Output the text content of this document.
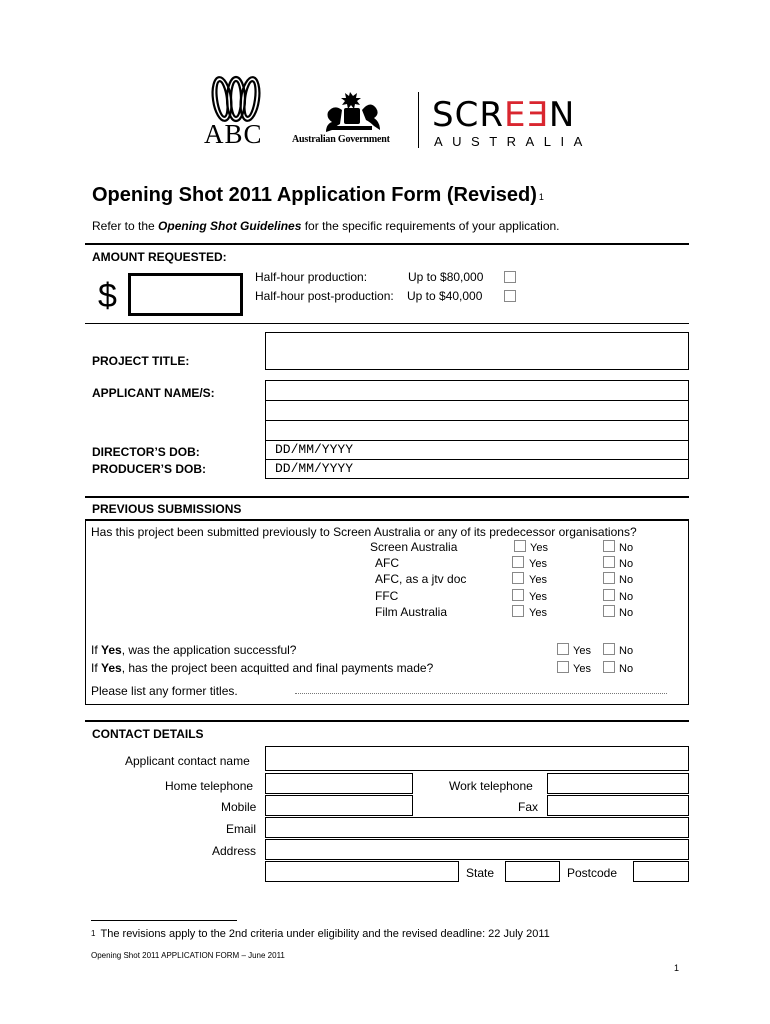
ABC	Australian Government
SCREEN
AUSTRALIA
Opening Shot 2011 Application Form (Revised) $^1$
Refer to the Opening Shot Guidelines for the specific requirements of your application.
AMOUNT REQUESTED:
$	Half-hour production:	Up to $80,000
Half-hour post-production: Up to $40,000
PROJECT TITLE:
APPLICANT NAME/S:
DIRECTOR’S DOB:	DD/MM/YYYY
PRODUCER’S DOB:	DD/MM/YYYY
PREVIOUS SUBMISSIONS
Has this project been submitted previously to Screen Australia or any of its predecessor organisations?
Screen Australia	Yes	No
AFC	Yes	No
AFC, as a jtv doc	Yes	No
FFC	Yes	No
Film Australia	Yes	No
If Yes, was the application successful?	Yes	No
If Yes, has the project been acquitted and final payments made?	Yes	No
Please list any former titles.
CONTACT DETAILS
Applicant contact name
Home telephone	Work telephone
Mobile	Fax
Email
Address
State	Postcode
$^1$ The revisions apply to the 2nd criteria under eligibility and the revised deadline: 22 July 2011
Opening Shot 2011 APPLICATION FORM – June 2011
1
